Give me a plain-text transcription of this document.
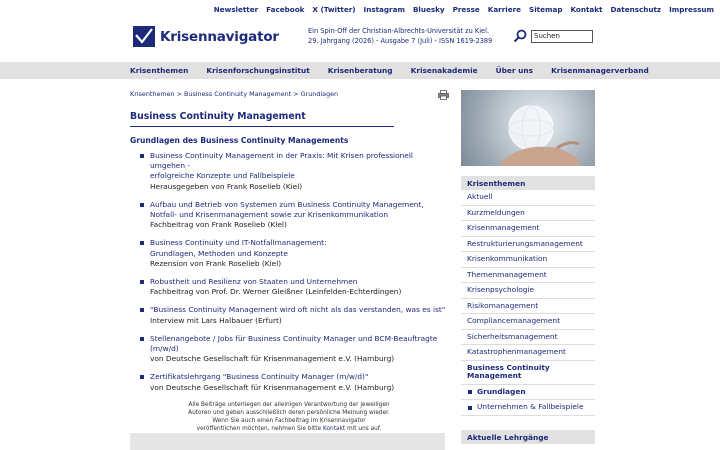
Newsletter Facebook X (Twitter) Instagram Bluesky Presse Karriere Sitemap Kontakt Datenschutz Impressum
Krisennavigator	Ein Spin-Off der Christian-Albrechts-Universität zu Kiel.
29. Jahrgang (2026) - Ausgabe 7 (Juli) - ISSN 1619-2389
Suchen
Krisenthemen Krisenforschungsinstitut Krisenberatung Krisenakademie Über uns Krisenmanagerverband
Krisenthemen > Business Continuity Management > Grundlagen
Business Continuity Management
Grundlagen des Business Continuity Managements
Business Continuity Management in der Praxis: Mit Krisen professionell umgehen -
erfolgreiche Konzepte und Fallbeispiele
Herausgegeben von Frank Roselieb (Kiel)
Aufbau und Betrieb von Systemen zum Business Continuity Management,
Notfall- und Krisenmanagement sowie zur Krisenkommunikation
Fachbeitrag von Frank Roselieb (Kiel)
Business Continuity und IT-Notfallmanagement:
Grundlagen, Methoden und Konzepte
Rezension von Frank Roselieb (Kiel)
Robustheit und Resilienz von Staaten und Unternehmen
Fachbeitrag von Prof. Dr. Werner Gleißner (Leinfelden-Echterdingen)
"Business Continuity Management wird oft nicht als das verstanden, was es ist"
Interview mit Lars Halbauer (Erfurt)
Stellenangebote / Jobs für Business Continuity Manager und BCM-Beauftragte
(m/w/d)
von Deutsche Gesellschaft für Krisenmanagement e.V. (Hamburg)
Zertifikatslehrgang "Business Continuity Manager (m/w/d)"
von Deutsche Gesellschaft für Krisenmanagement e.V. (Hamburg)
Alle Beiträge unterliegen der alleinigen Verantwortung der jeweiligen
Autoren und geben ausschließlich deren persönliche Meinung wieder.
Wenn Sie auch einen Fachbeitrag im Krisennavigator
veröffentlichen möchten, nehmen Sie bitte Kontakt mit uns auf.
Krisenthemen
Aktuell
Kurzmeldungen
Krisenmanagement
Restrukturierungsmanagement
Krisenkommunikation
Themenmanagement
Krisenpsychologie
Risikomanagement
Compliancemanagement
Sicherheitsmanagement
Katastrophenmanagement
Business Continuity Management
Grundlagen
Unternehmen & Fallbeispiele
Aktuelle Lehrgänge
